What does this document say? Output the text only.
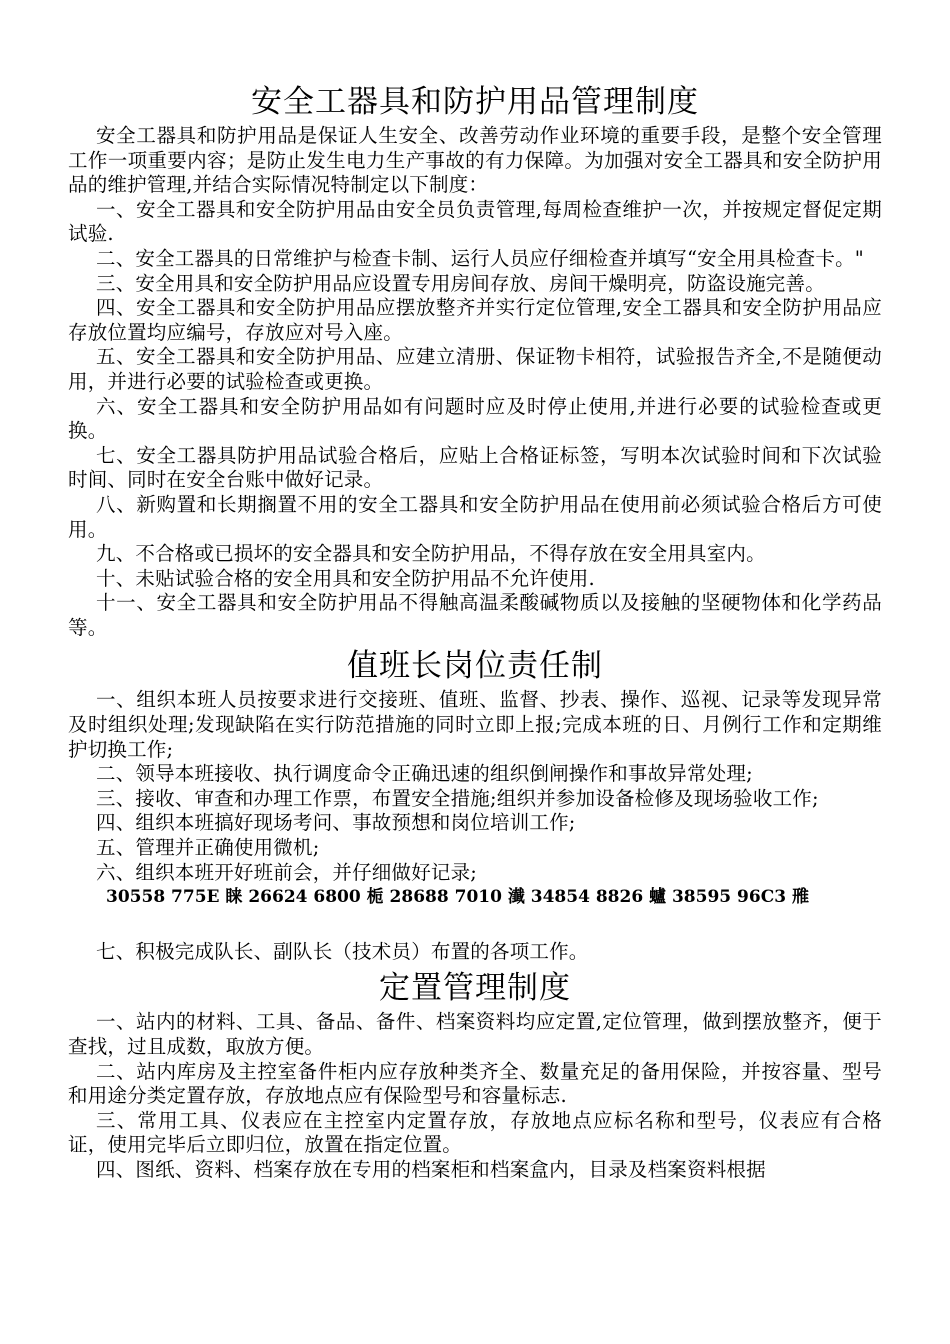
安全工器具和防护用品管理制度

安全工器具和防护用品是保证人生安全、改善劳动作业环境的重要手段，是整个安全管理工作一项重要内容；是防止发生电力生产事故的有力保障。为加强对安全工器具和安全防护用品的维护管理,并结合实际情况特制定以下制度：

一、安全工器具和安全防护用品由安全员负责管理,每周检查维护一次，并按规定督促定期试验.

二、安全工器具的日常维护与检查卡制、运行人员应仔细检查并填写“安全用具检查卡。"

三、安全用具和安全防护用品应设置专用房间存放、房间干燥明亮，防盗设施完善。

四、安全工器具和安全防护用品应摆放整齐并实行定位管理,安全工器具和安全防护用品应存放位置均应编号，存放应对号入座。

五、安全工器具和安全防护用品、应建立清册、保证物卡相符，试验报告齐全,不是随便动用，并进行必要的试验检查或更换。

六、安全工器具和安全防护用品如有问题时应及时停止使用,并进行必要的试验检查或更换。

七、安全工器具防护用品试验合格后，应贴上合格证标签，写明本次试验时间和下次试验时间、同时在安全台账中做好记录。

八、新购置和长期搁置不用的安全工器具和安全防护用品在使用前必须试验合格后方可使用。

九、不合格或已损坏的安全器具和安全防护用品，不得存放在安全用具室内。

十、未贴试验合格的安全用具和安全防护用品不允许使用.

十一、安全工器具和安全防护用品不得触高温柔酸碱物质以及接触的坚硬物体和化学药品等。

值班长岗位责任制

一、组织本班人员按要求进行交接班、值班、监督、抄表、操作、巡视、记录等发现异常及时组织处理;发现缺陷在实行防范措施的同时立即上报;完成本班的日、月例行工作和定期维护切换工作;

二、领导本班接收、执行调度命令正确迅速的组织倒闸操作和事故异常处理;

三、接收、审查和办理工作票，布置安全措施;组织并参加设备检修及现场验收工作;

四、组织本班搞好现场考问、事故预想和岗位培训工作;

五、管理并正确使用微机;

六、组织本班开好班前会，并仔细做好记录;

30558 775E 睐 26624 6800 栀 28688 7010 瀐 34854 8826 蠦 38595 96C3 雃

七、积极完成队长、副队长（技术员）布置的各项工作。

定置管理制度

一、站内的材料、工具、备品、备件、档案资料均应定置,定位管理，做到摆放整齐，便于查找，过且成数，取放方便。

二、站内库房及主控室备件柜内应存放种类齐全、数量充足的备用保险，并按容量、型号和用途分类定置存放，存放地点应有保险型号和容量标志.

三、常用工具、仪表应在主控室内定置存放，存放地点应标名称和型号，仪表应有合格证，使用完毕后立即归位，放置在指定位置。

四、图纸、资料、档案存放在专用的档案柜和档案盒内，目录及档案资料根据
